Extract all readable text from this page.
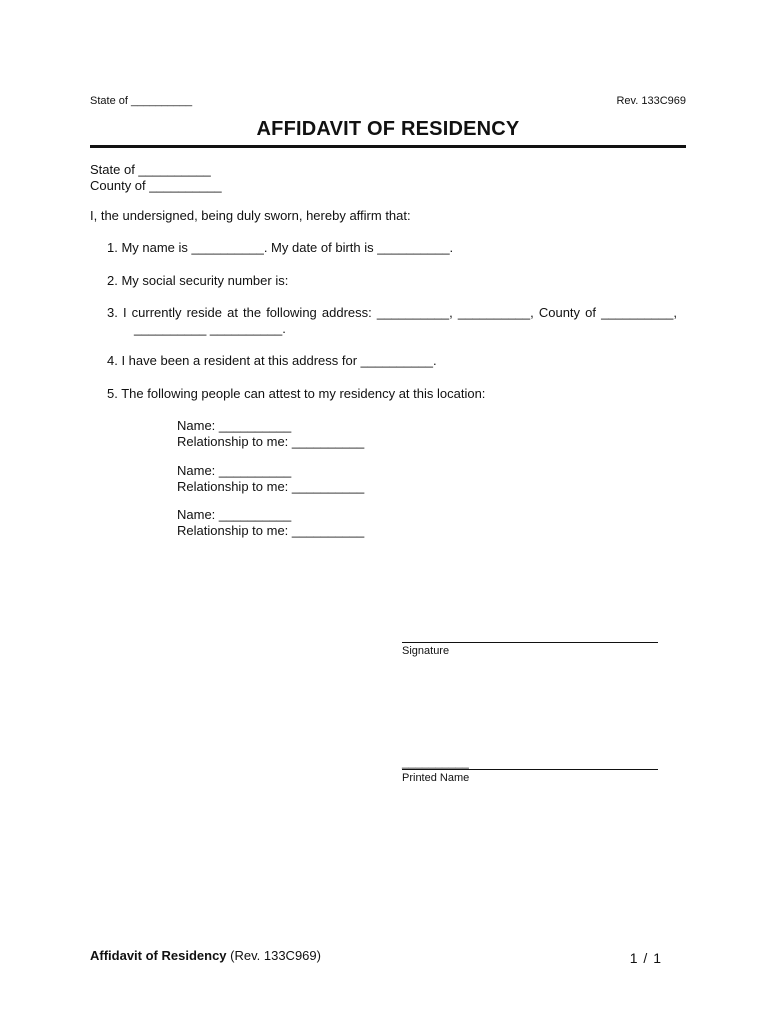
State of __________	Rev. 133C969
AFFIDAVIT OF RESIDENCY
State of __________
County of __________
I, the undersigned, being duly sworn, hereby affirm that:
1. My name is __________. My date of birth is __________.
2. My social security number is:
3. I currently reside at the following address: __________, __________, County of __________,
__________ __________.
4. I have been a resident at this address for __________.
5. The following people can attest to my residency at this location:
Name: __________
Relationship to me: __________
Name: __________
Relationship to me: __________
Name: __________
Relationship to me: __________
Signature
__________
Printed Name
Affidavit of Residency (Rev. 133C969)	1 / 1
